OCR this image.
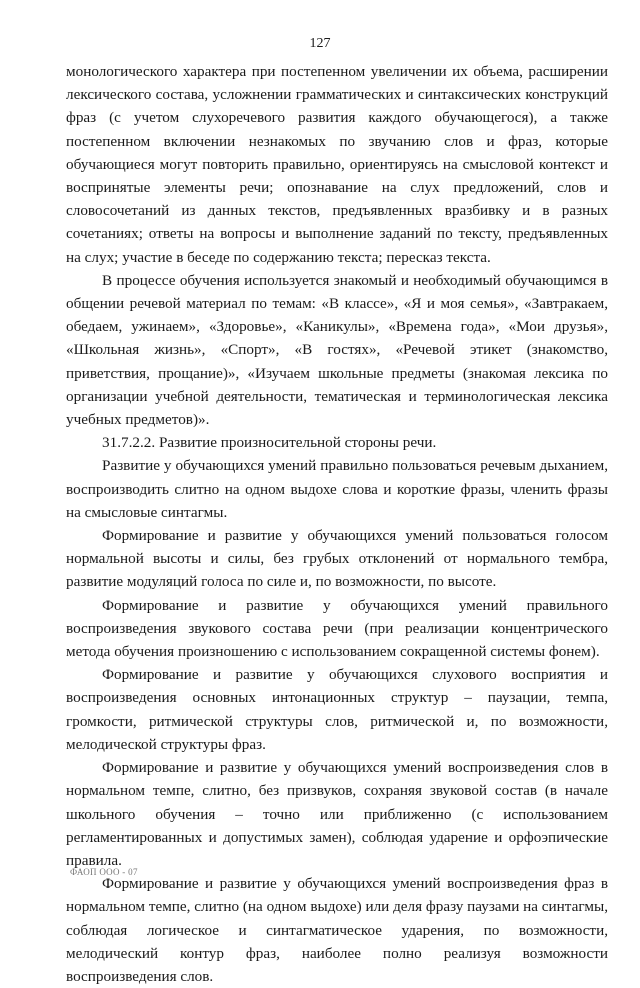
127

монологического характера при постепенном увеличении их объема, расширении лексического состава, усложнении грамматических и синтаксических конструкций фраз (с учетом слухоречевого развития каждого обучающегося), а также постепенном включении незнакомых по звучанию слов и фраз, которые обучающиеся могут повторить правильно, ориентируясь на смысловой контекст и воспринятые элементы речи; опознавание на слух предложений, слов и словосочетаний из данных текстов, предъявленных вразбивку и в разных сочетаниях; ответы на вопросы и выполнение заданий по тексту, предъявленных на слух; участие в беседе по содержанию текста; пересказ текста.

В процессе обучения используется знакомый и необходимый обучающимся в общении речевой материал по темам: «В классе», «Я и моя семья», «Завтракаем, обедаем, ужинаем», «Здоровье», «Каникулы», «Времена года», «Мои друзья», «Школьная жизнь», «Спорт», «В гостях», «Речевой этикет (знакомство, приветствия, прощание)», «Изучаем школьные предметы (знакомая лексика по организации учебной деятельности, тематическая и терминологическая лексика учебных предметов)».

31.7.2.2. Развитие произносительной стороны речи.

Развитие у обучающихся умений правильно пользоваться речевым дыханием, воспроизводить слитно на одном выдохе слова и короткие фразы, членить фразы на смысловые синтагмы.

Формирование и развитие у обучающихся умений пользоваться голосом нормальной высоты и силы, без грубых отклонений от нормального тембра, развитие модуляций голоса по силе и, по возможности, по высоте.

Формирование и развитие у обучающихся умений правильного воспроизведения звукового состава речи (при реализации концентрического метода обучения произношению с использованием сокращенной системы фонем).

Формирование и развитие у обучающихся слухового восприятия и воспроизведения основных интонационных структур – паузации, темпа, громкости, ритмической структуры слов, ритмической и, по возможности, мелодической структуры фраз.

Формирование и развитие у обучающихся умений воспроизведения слов в нормальном темпе, слитно, без призвуков, сохраняя звуковой состав (в начале школьного обучения – точно или приближенно (с использованием регламентированных и допустимых замен), соблюдая ударение и орфоэпические правила.

Формирование и развитие у обучающихся умений воспроизведения фраз в нормальном темпе, слитно (на одном выдохе) или деля фразу паузами на синтагмы, соблюдая логическое и синтагматическое ударения, по возможности, мелодический контур фраз, наиболее полно реализуя возможности воспроизведения слов.

ФАОП ООО - 07
